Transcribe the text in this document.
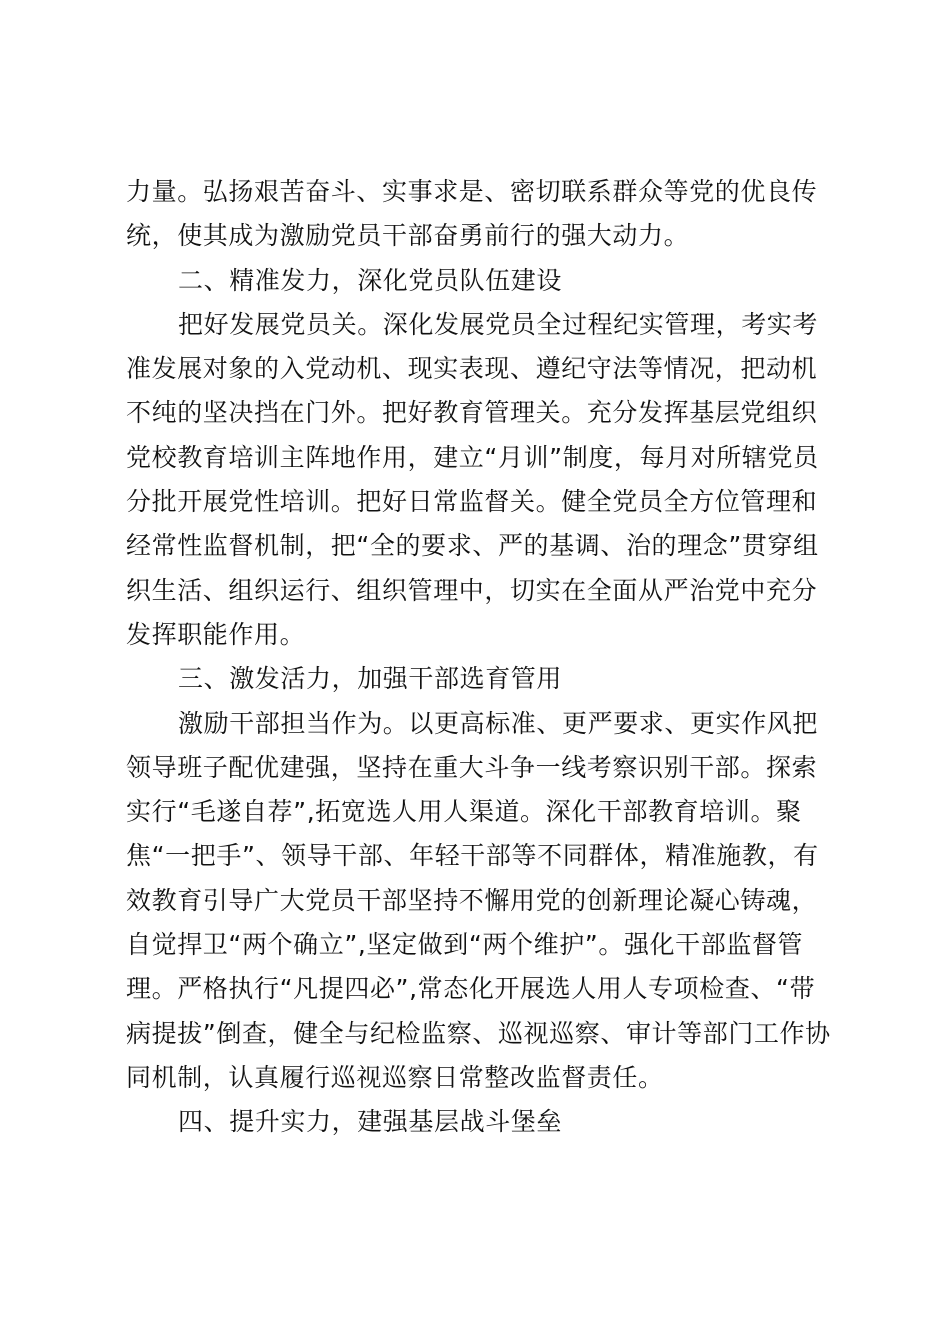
力量。弘扬艰苦奋斗、实事求是、密切联系群众等党的优良传
统，使其成为激励党员干部奋勇前行的强大动力。
二、精准发力，深化党员队伍建设
把好发展党员关。深化发展党员全过程纪实管理，考实考
准发展对象的入党动机、现实表现、遵纪守法等情况，把动机
不纯的坚决挡在门外。把好教育管理关。充分发挥基层党组织
党校教育培训主阵地作用，建立“月训”制度，每月对所辖党员
分批开展党性培训。把好日常监督关。健全党员全方位管理和
经常性监督机制，把“全的要求、严的基调、治的理念”贯穿组
织生活、组织运行、组织管理中，切实在全面从严治党中充分
发挥职能作用。
三、激发活力，加强干部选育管用
激励干部担当作为。以更高标准、更严要求、更实作风把
领导班子配优建强，坚持在重大斗争一线考察识别干部。探索
实行“毛遂自荐”,拓宽选人用人渠道。深化干部教育培训。聚
焦“一把手”、领导干部、年轻干部等不同群体，精准施教，有
效教育引导广大党员干部坚持不懈用党的创新理论凝心铸魂，
自觉捍卫“两个确立”,坚定做到“两个维护”。强化干部监督管
理。严格执行“凡提四必”,常态化开展选人用人专项检查、“带
病提拔”倒查，健全与纪检监察、巡视巡察、审计等部门工作协
同机制，认真履行巡视巡察日常整改监督责任。
四、提升实力，建强基层战斗堡垒
